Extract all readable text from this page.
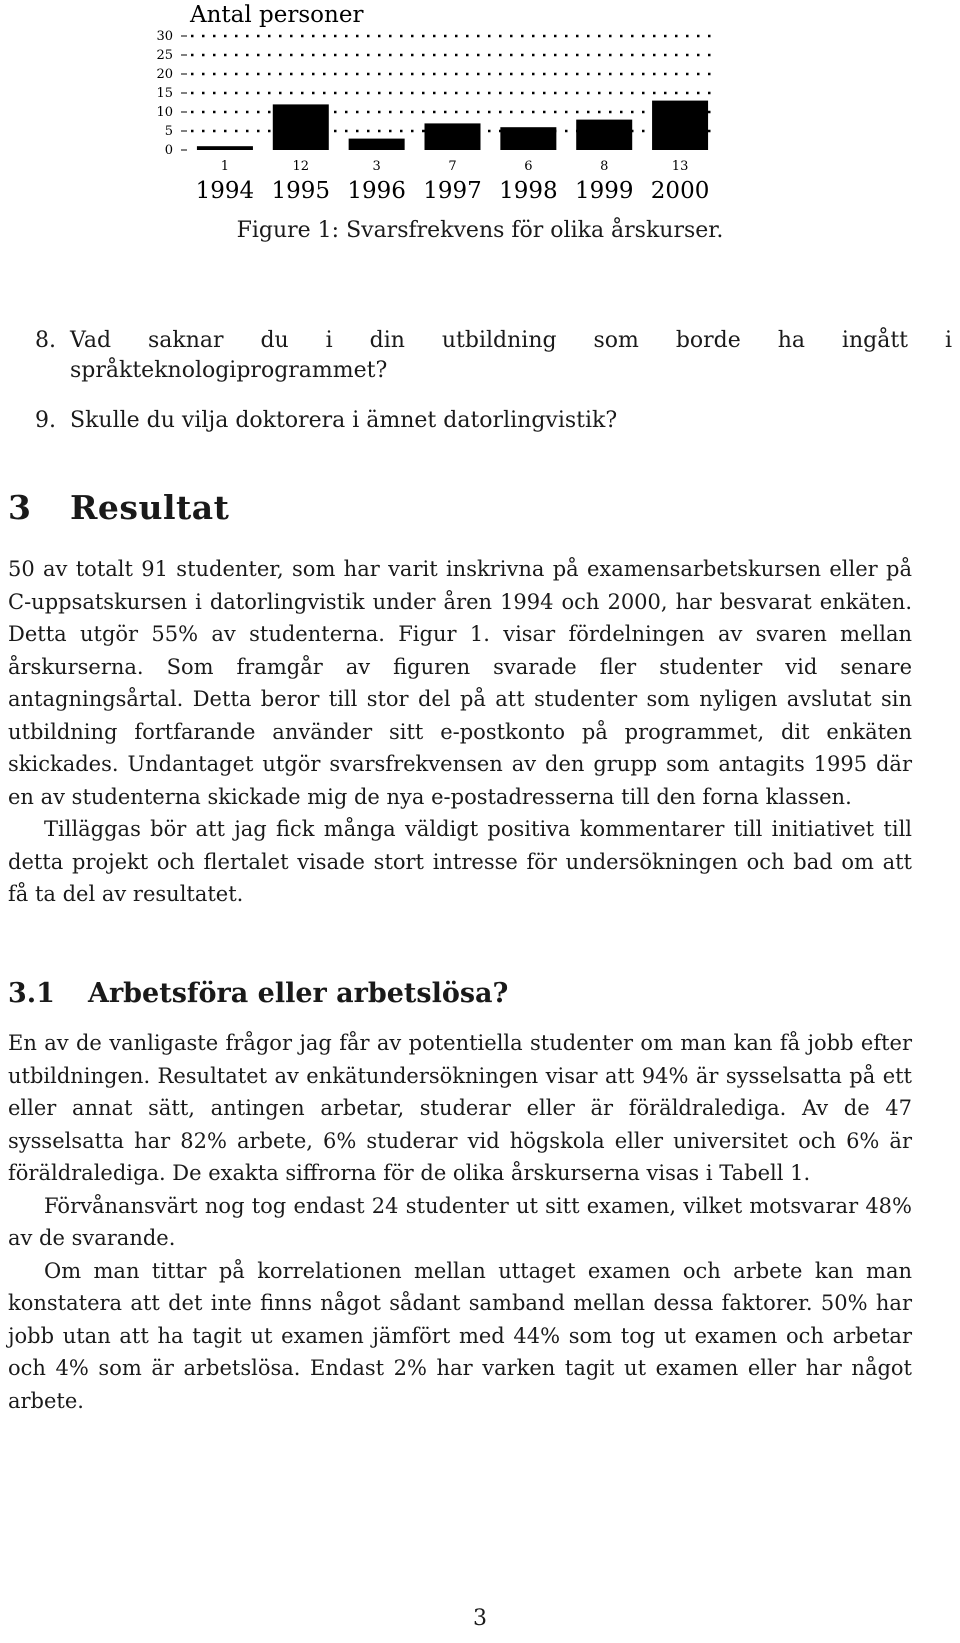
Antal personer
0
5
10
15
20
25
30
1
1994
12
1995
3
1996
7
1997
6
1998
8
1999
13
2000
Figure 1: Svarsfrekvens för olika årskurser.
8. Vad saknar du i din utbildning som borde ha ingått i
språkteknologiprogrammet?
9. Skulle du vilja doktorera i ämnet datorlingvistik?
3 Resultat

50 av totalt 91 studenter, som har varit inskrivna på examensarbetskursen eller på C-uppsatskursen i datorlingvistik under åren 1994 och 2000, har besvarat enkäten. Detta utgör 55% av studenterna. Figur 1. visar fördelningen av svaren mellan årskurserna. Som framgår av figuren svarade fler studenter vid senare antagningsårtal. Detta beror till stor del på att studenter som nyligen avslutat sin utbildning fortfarande använder sitt e-postkonto på programmet, dit enkäten skickades. Undantaget utgör svarsfrekvensen av den grupp som antagits 1995 där en av studenterna skickade mig de nya e-postadresserna till den forna klassen.

Tilläggas bör att jag fick många väldigt positiva kommentarer till initiativet till detta projekt och flertalet visade stort intresse för undersökningen och bad om att få ta del av resultatet.

3.1 Arbetsföra eller arbetslösa?

En av de vanligaste frågor jag får av potentiella studenter om man kan få jobb efter utbildningen. Resultatet av enkätundersökningen visar att 94% är sysselsatta på ett eller annat sätt, antingen arbetar, studerar eller är föräldralediga. Av de 47 sysselsatta har 82% arbete, 6% studerar vid högskola eller universitet och 6% är föräldralediga. De exakta siffrorna för de olika årskurserna visas i Tabell 1.

Förvånansvärt nog tog endast 24 studenter ut sitt examen, vilket motsvarar 48% av de svarande.

Om man tittar på korrelationen mellan uttaget examen och arbete kan man konstatera att det inte finns något sådant samband mellan dessa faktorer. 50% har jobb utan att ha tagit ut examen jämfört med 44% som tog ut examen och arbetar och 4% som är arbetslösa. Endast 2% har varken tagit ut examen eller har något arbete.

3
